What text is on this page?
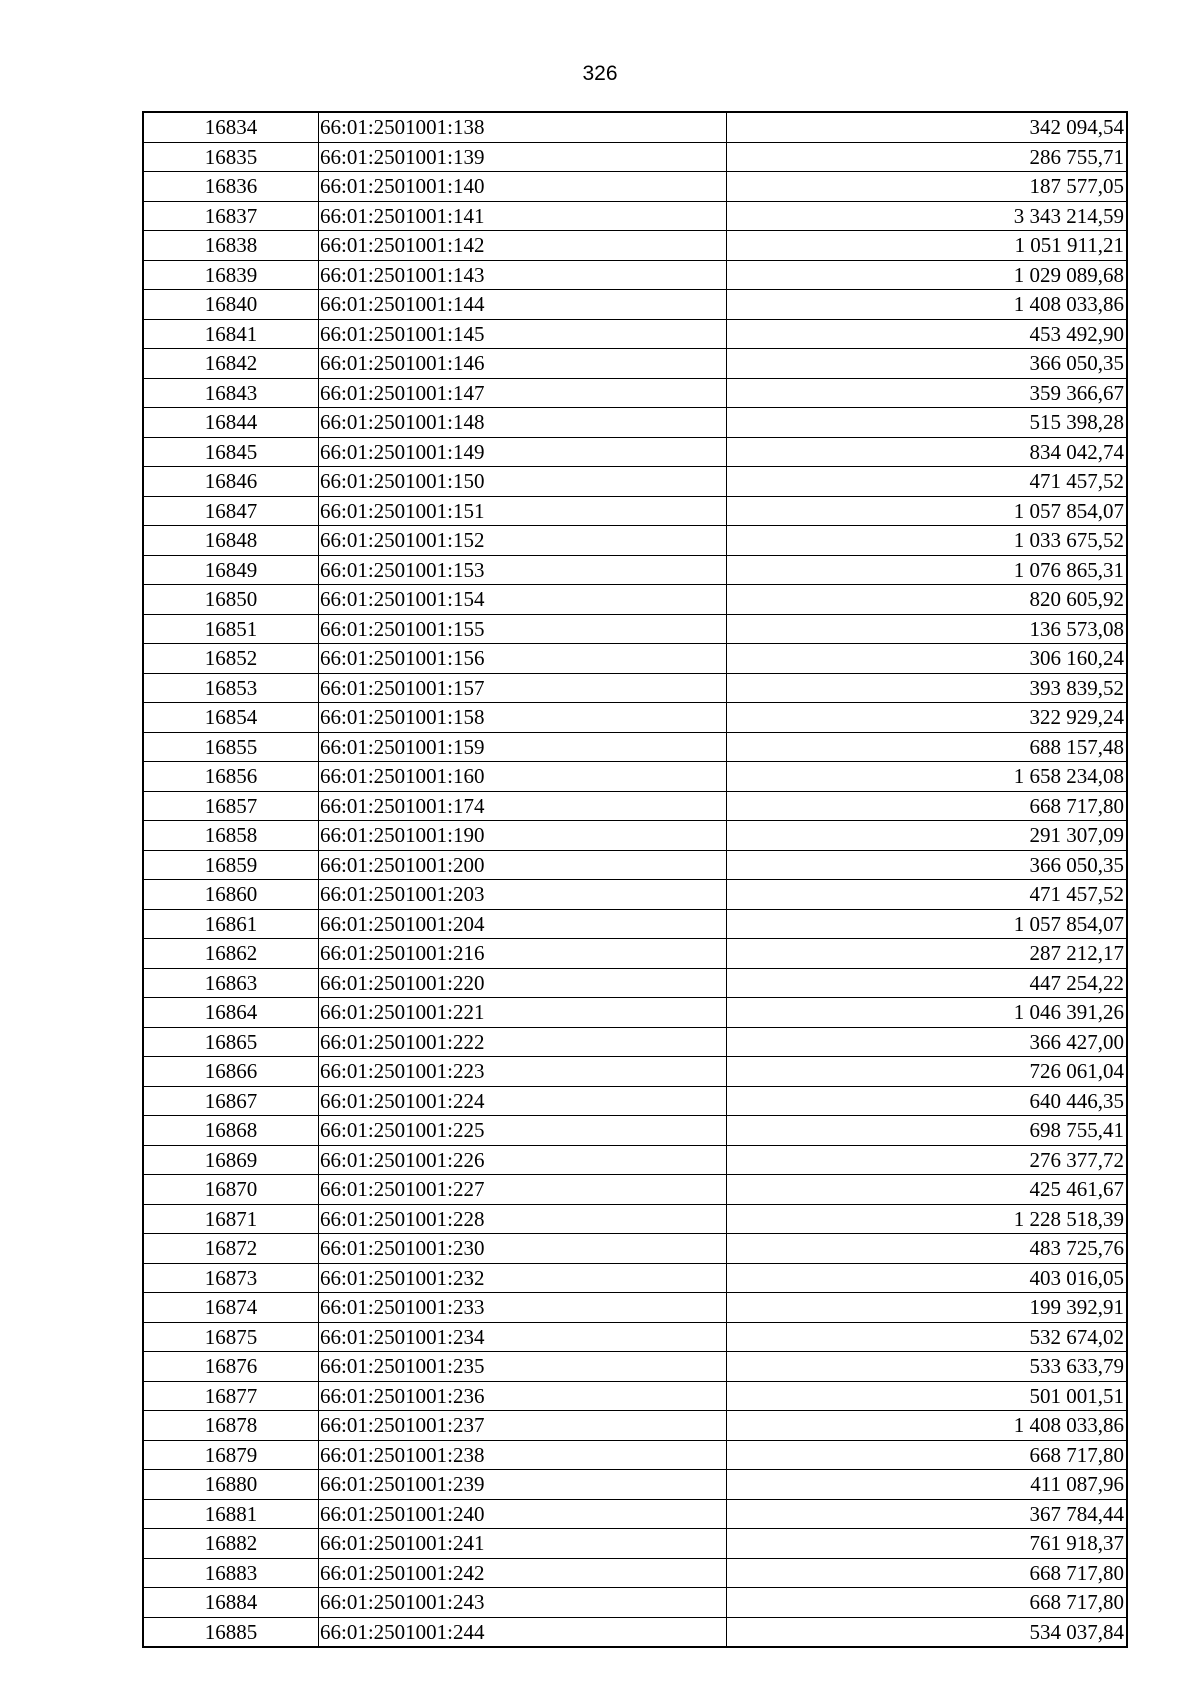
326
16834	66:01:2501001:138	342 094,54
16835	66:01:2501001:139	286 755,71
16836	66:01:2501001:140	187 577,05
16837	66:01:2501001:141	3 343 214,59
16838	66:01:2501001:142	1 051 911,21
16839	66:01:2501001:143	1 029 089,68
16840	66:01:2501001:144	1 408 033,86
16841	66:01:2501001:145	453 492,90
16842	66:01:2501001:146	366 050,35
16843	66:01:2501001:147	359 366,67
16844	66:01:2501001:148	515 398,28
16845	66:01:2501001:149	834 042,74
16846	66:01:2501001:150	471 457,52
16847	66:01:2501001:151	1 057 854,07
16848	66:01:2501001:152	1 033 675,52
16849	66:01:2501001:153	1 076 865,31
16850	66:01:2501001:154	820 605,92
16851	66:01:2501001:155	136 573,08
16852	66:01:2501001:156	306 160,24
16853	66:01:2501001:157	393 839,52
16854	66:01:2501001:158	322 929,24
16855	66:01:2501001:159	688 157,48
16856	66:01:2501001:160	1 658 234,08
16857	66:01:2501001:174	668 717,80
16858	66:01:2501001:190	291 307,09
16859	66:01:2501001:200	366 050,35
16860	66:01:2501001:203	471 457,52
16861	66:01:2501001:204	1 057 854,07
16862	66:01:2501001:216	287 212,17
16863	66:01:2501001:220	447 254,22
16864	66:01:2501001:221	1 046 391,26
16865	66:01:2501001:222	366 427,00
16866	66:01:2501001:223	726 061,04
16867	66:01:2501001:224	640 446,35
16868	66:01:2501001:225	698 755,41
16869	66:01:2501001:226	276 377,72
16870	66:01:2501001:227	425 461,67
16871	66:01:2501001:228	1 228 518,39
16872	66:01:2501001:230	483 725,76
16873	66:01:2501001:232	403 016,05
16874	66:01:2501001:233	199 392,91
16875	66:01:2501001:234	532 674,02
16876	66:01:2501001:235	533 633,79
16877	66:01:2501001:236	501 001,51
16878	66:01:2501001:237	1 408 033,86
16879	66:01:2501001:238	668 717,80
16880	66:01:2501001:239	411 087,96
16881	66:01:2501001:240	367 784,44
16882	66:01:2501001:241	761 918,37
16883	66:01:2501001:242	668 717,80
16884	66:01:2501001:243	668 717,80
16885	66:01:2501001:244	534 037,84
